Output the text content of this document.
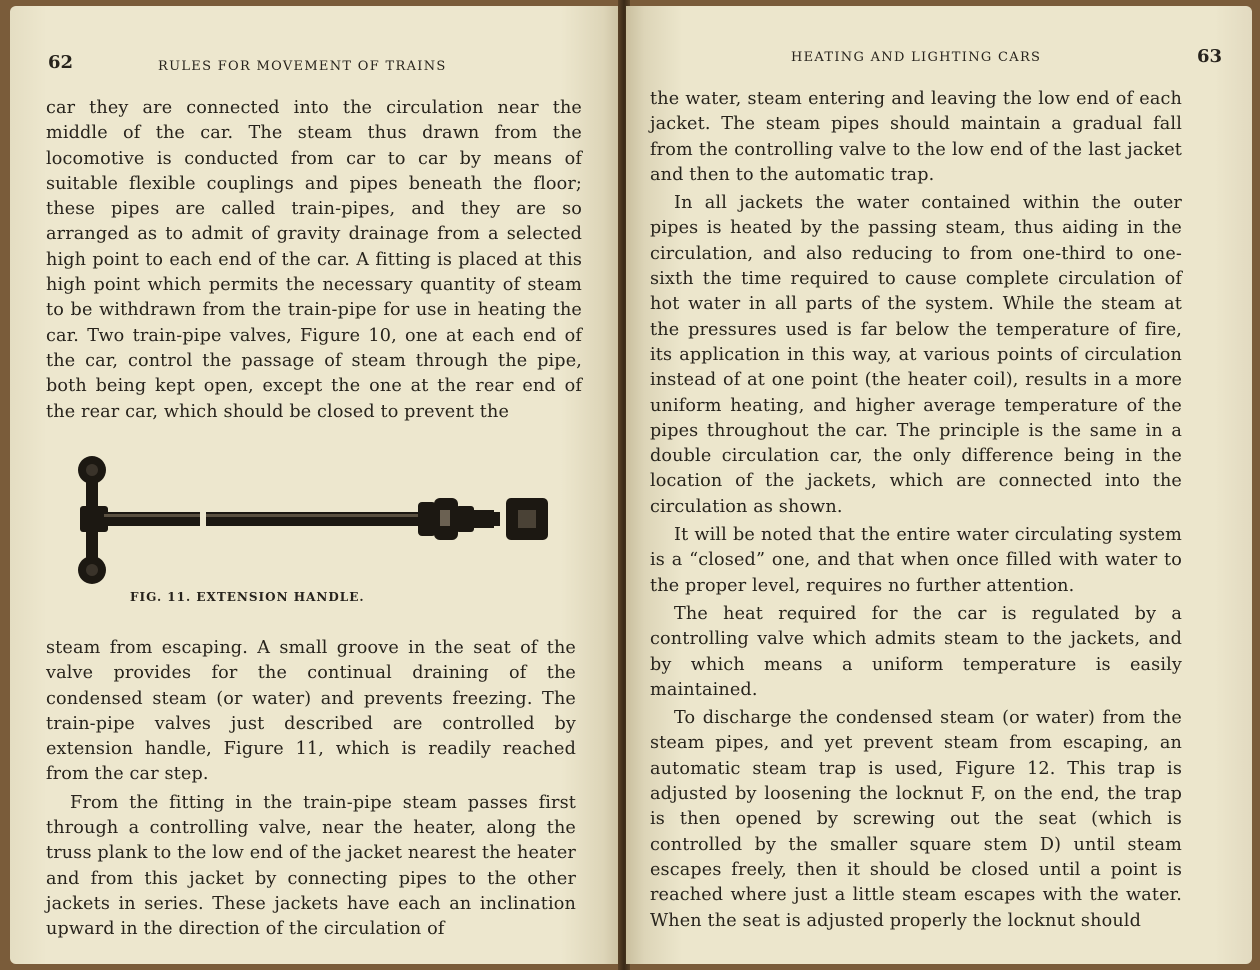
62	RULES FOR MOVEMENT OF TRAINS

car they are connected into the circulation near the middle of the car. The steam thus drawn from the locomotive is conducted from car to car by means of suitable flexible couplings and pipes beneath the floor; these pipes are called train-pipes, and they are so arranged as to admit of gravity drainage from a selected high point to each end of the car. A fitting is placed at this high point which permits the necessary quantity of steam to be withdrawn from the train-pipe for use in heating the car. Two train-pipe valves, Figure 10, one at each end of the car, control the passage of steam through the pipe, both being kept open, except the one at the rear end of the rear car, which should be closed to prevent the

FIG. 11. EXTENSION HANDLE.

steam from escaping. A small groove in the seat of the valve provides for the continual draining of the condensed steam (or water) and prevents freezing. The train-pipe valves just described are controlled by extension handle, Figure 11, which is readily reached from the car step.

From the fitting in the train-pipe steam passes first through a controlling valve, near the heater, along the truss plank to the low end of the jacket nearest the heater and from this jacket by connecting pipes to the other jackets in series. These jackets have each an inclination upward in the direction of the circulation of

HEATING AND LIGHTING CARS	63

the water, steam entering and leaving the low end of each jacket. The steam pipes should maintain a gradual fall from the controlling valve to the low end of the last jacket and then to the automatic trap.

In all jackets the water contained within the outer pipes is heated by the passing steam, thus aiding in the circulation, and also reducing to from one-third to one-sixth the time required to cause complete circulation of hot water in all parts of the system. While the steam at the pressures used is far below the temperature of fire, its application in this way, at various points of circulation instead of at one point (the heater coil), results in a more uniform heating, and higher average temperature of the pipes throughout the car. The principle is the same in a double circulation car, the only difference being in the location of the jackets, which are connected into the circulation as shown.

It will be noted that the entire water circulating system is a “closed” one, and that when once filled with water to the proper level, requires no further attention.

The heat required for the car is regulated by a controlling valve which admits steam to the jackets, and by which means a uniform temperature is easily maintained.

To discharge the condensed steam (or water) from the steam pipes, and yet prevent steam from escaping, an automatic steam trap is used, Figure 12. This trap is adjusted by loosening the locknut F, on the end, the trap is then opened by screwing out the seat (which is controlled by the smaller square stem D) until steam escapes freely, then it should be closed until a point is reached where just a little steam escapes with the water. When the seat is adjusted properly the locknut should
